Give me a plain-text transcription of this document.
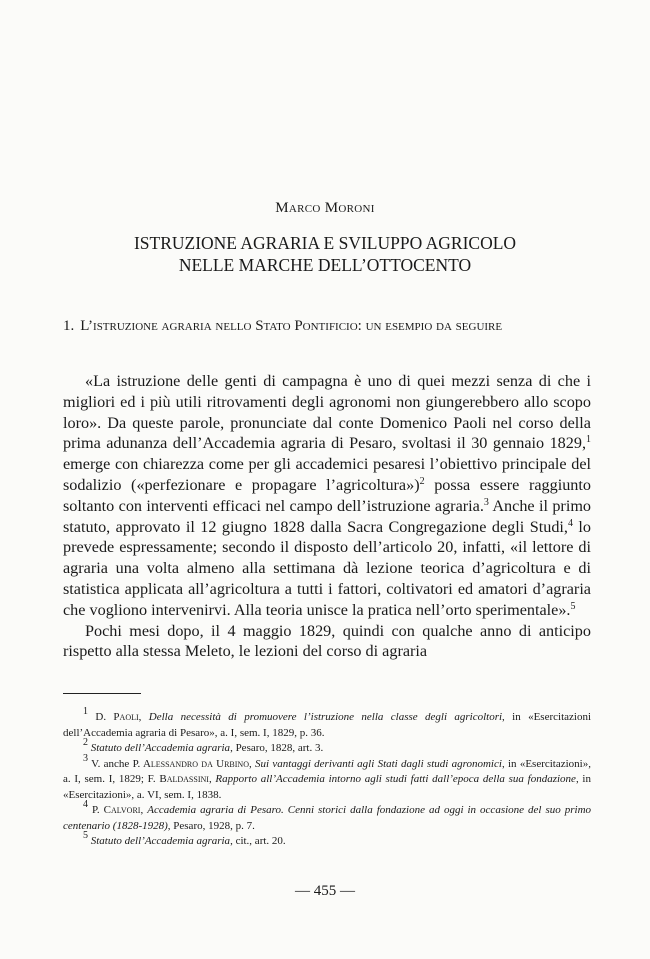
Marco Moroni

ISTRUZIONE AGRARIA E SVILUPPO AGRICOLO
NELLE MARCHE DELL’OTTOCENTO
1. L’istruzione agraria nello Stato Pontificio: un esempio da seguire

«La istruzione delle genti di campagna è uno di quei mezzi senza di che i migliori ed i più utili ritrovamenti degli agronomi non giungerebbero allo scopo loro». Da queste parole, pronunciate dal conte Domenico Paoli nel corso della prima adunanza dell’Accademia agraria di Pesaro, svoltasi il 30 gennaio 1829,$^1$ emerge con chiarezza come per gli accademici pesaresi l’obiettivo principale del sodalizio («perfezionare e propagare l’agricoltura»)$^2$ possa essere raggiunto soltanto con interventi efficaci nel campo dell’istruzione agraria.$^3$ Anche il primo statuto, approvato il 12 giugno 1828 dalla Sacra Congregazione degli Studi,$^4$ lo prevede espressamente; secondo il disposto dell’articolo 20, infatti, «il lettore di agraria una volta almeno alla settimana dà lezione teorica d’agricoltura e di statistica applicata all’agricoltura a tutti i fattori, coltivatori ed amatori d’agraria che vogliono intervenirvi. Alla teoria unisce la pratica nell’orto sperimentale».$^5$

Pochi mesi dopo, il 4 maggio 1829, quindi con qualche anno di anticipo rispetto alla stessa Meleto, le lezioni del corso di agraria

$^1$ D. Paoli, Della necessità di promuovere l’istruzione nella classe degli agricoltori, in «Esercitazioni dell’Accademia agraria di Pesaro», a. I, sem. I, 1829, p. 36.

$^2$ Statuto dell’Accademia agraria, Pesaro, 1828, art. 3.

$^3$ V. anche P. Alessandro da Urbino, Sui vantaggi derivanti agli Stati dagli studi agronomici, in «Esercitazioni», a. I, sem. I, 1829; F. Baldassini, Rapporto all’Accademia intorno agli studi fatti dall’epoca della sua fondazione, in «Esercitazioni», a. VI, sem. I, 1838.

$^4$ P. Calvori, Accademia agraria di Pesaro. Cenni storici dalla fondazione ad oggi in occasione del suo primo centenario (1828-1928), Pesaro, 1928, p. 7.

$^5$ Statuto dell’Accademia agraria, cit., art. 20.

— 455 —
